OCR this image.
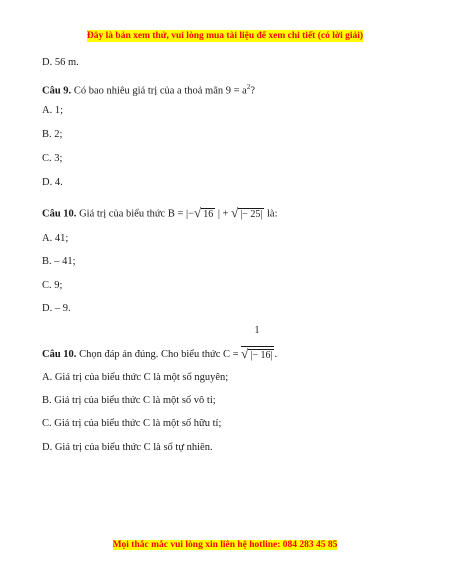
Đây là bản xem thử, vui lòng mua tài liệu để xem chi tiết (có lời giải)
D. 56 m.
Câu 9. Có bao nhiêu giá trị của a thoả mãn $9 = a^2$?
A. 1;
B. 2;
C. 3;
D. 4.
Câu 10. Giá trị của biểu thức B = |−√ 16 | + √ |− 25| là:
A. 41;
B. – 41;
C. 9;
D. – 9.
1
Câu 10. Chọn đáp án đúng. Cho biểu thức C = √ |− 16| .
A. Giá trị của biểu thức C là một số nguyên;
B. Giá trị của biểu thức C là một số vô tỉ;
C. Giá trị của biểu thức C là một số hữu tỉ;
D. Giá trị của biểu thức C là số tự nhiên.
Mọi thắc mắc vui lòng xin liên hệ hotline: 084 283 45 85
